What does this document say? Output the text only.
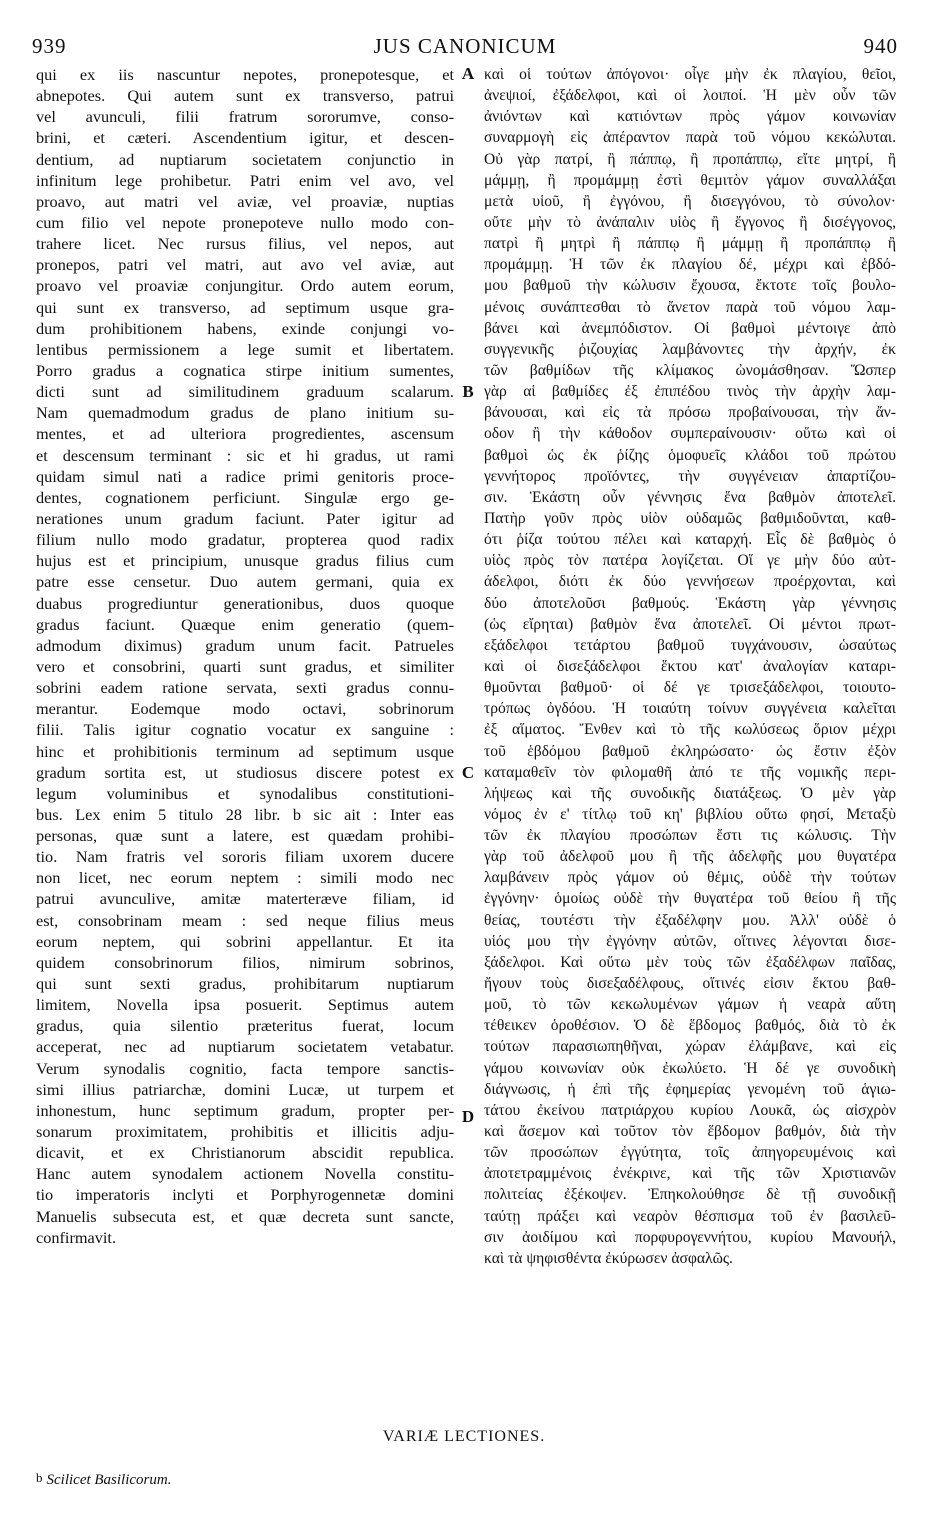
939	JUS CANONICUM	940
qui ex iis nascuntur nepotes, pronepotesque, et
abnepotes. Qui autem sunt ex transverso, patrui
vel avunculi, filii fratrum sororumve, conso-
brini, et cæteri. Ascendentium igitur, et descen-
dentium, ad nuptiarum societatem conjunctio in
infinitum lege prohibetur. Patri enim vel avo, vel
proavo, aut matri vel aviæ, vel proaviæ, nuptias
cum filio vel nepote pronepoteve nullo modo con-
trahere licet. Nec rursus filius, vel nepos, aut
pronepos, patri vel matri, aut avo vel aviæ, aut
proavo vel proaviæ conjungitur. Ordo autem eorum,
qui sunt ex transverso, ad septimum usque gra-
dum prohibitionem habens, exinde conjungi vo-
lentibus permissionem a lege sumit et libertatem.
Porro gradus a cognatica stirpe initium sumentes,
dicti sunt ad similitudinem graduum scalarum.
Nam quemadmodum gradus de plano initium su-
mentes, et ad ulteriora progredientes, ascensum
et descensum terminant : sic et hi gradus, ut rami
quidam simul nati a radice primi genitoris proce-
dentes, cognationem perficiunt. Singulæ ergo ge-
nerationes unum gradum faciunt. Pater igitur ad
filium nullo modo gradatur, propterea quod radix
hujus est et principium, unusque gradus filius cum
patre esse censetur. Duo autem germani, quia ex
duabus progrediuntur generationibus, duos quoque
gradus faciunt. Quæque enim generatio (quem-
admodum diximus) gradum unum facit. Patrueles
vero et consobrini, quarti sunt gradus, et similiter
sobrini eadem ratione servata, sexti gradus connu-
merantur. Eodemque modo octavi, sobrinorum
filii. Talis igitur cognatio vocatur ex sanguine :
hinc et prohibitionis terminum ad septimum usque
gradum sortita est, ut studiosus discere potest ex
legum voluminibus et synodalibus constitutioni-
bus. Lex enim 5 titulo 28 libr. b sic ait : Inter eas
personas, quæ sunt a latere, est quædam prohibi-
tio. Nam fratris vel sororis filiam uxorem ducere
non licet, nec eorum neptem : simili modo nec
patrui avunculive, amitæ materteræve filiam, id
est, consobrinam meam : sed neque filius meus
eorum neptem, qui sobrini appellantur. Et ita
quidem consobrinorum filios, nimirum sobrinos,
qui sunt sexti gradus, prohibitarum nuptiarum
limitem, Novella ipsa posuerit. Septimus autem
gradus, quia silentio præteritus fuerat, locum
acceperat, nec ad nuptiarum societatem vetabatur.
Verum synodalis cognitio, facta tempore sanctis-
simi illius patriarchæ, domini Lucæ, ut turpem et
inhonestum, hunc septimum gradum, propter per-
sonarum proximitatem, prohibitis et illicitis adju-
dicavit, et ex Christianorum abscidit republica.
Hanc autem synodalem actionem Novella constitu-
tio imperatoris inclyti et Porphyrogennetæ domini
Manuelis subsecuta est, et quæ decreta sunt sancte,
confirmavit.
A
B
C
D
καὶ οἱ τούτων ἀπόγονοι· οἷγε μὴν ἐκ πλαγίου, θεῖοι,
ἀνεψιοί, ἐξάδελφοι, καὶ οἱ λοιποί. Ἡ μὲν οὖν τῶν
ἀνιόντων καὶ κατιόντων πρὸς γάμον κοινωνίαν
συναρμογὴ εἰς ἀπέραντον παρὰ τοῦ νόμου κεκώλυται.
Οὐ γὰρ πατρί, ἢ πάππῳ, ἢ προπάππῳ, εἴτε μητρί, ἢ
μάμμῃ, ἢ προμάμμῃ ἐστὶ θεμιτὸν γάμον συναλλάξαι
μετὰ υἱοῦ, ἢ ἐγγόνου, ἢ δισεγγόνου, τὸ σύνολον·
οὔτε μὴν τὸ ἀνάπαλιν υἱὸς ἢ ἔγγονος ἢ δισέγγονος,
πατρὶ ἢ μητρὶ ἢ πάππῳ ἢ μάμμῃ ἢ προπάππῳ ἢ
προμάμμῃ. Ἡ τῶν ἐκ πλαγίου δέ, μέχρι καὶ ἑβδό-
μου βαθμοῦ τὴν κώλυσιν ἔχουσα, ἔκτοτε τοῖς βουλο-
μένοις συνάπτεσθαι τὸ ἄνετον παρὰ τοῦ νόμου λαμ-
βάνει καὶ ἀνεμπόδιστον. Οἱ βαθμοὶ μέντοιγε ἀπὸ
συγγενικῆς ῥιζουχίας λαμβάνοντες τὴν ἀρχήν, ἐκ
τῶν βαθμίδων τῆς κλίμακος ὠνομάσθησαν. Ὥσπερ
γὰρ αἱ βαθμίδες ἐξ ἐπιπέδου τινὸς τὴν ἀρχὴν λαμ-
βάνουσαι, καὶ εἰς τὰ πρόσω προβαίνουσαι, τὴν ἄν-
οδον ἢ τὴν κάθοδον συμπεραίνουσιν· οὕτω καὶ οἱ
βαθμοὶ ὡς ἐκ ῥίζης ὁμοφυεῖς κλάδοι τοῦ πρώτου
γεννήτορος προϊόντες, τὴν συγγένειαν ἀπαρτίζου-
σιν. Ἑκάστη οὖν γέννησις ἕνα βαθμὸν ἀποτελεῖ.
Πατὴρ γοῦν πρὸς υἱὸν οὐδαμῶς βαθμιδοῦνται, καθ-
ότι ῥίζα τούτου πέλει καὶ καταρχή. Εἷς δὲ βαθμὸς ὁ
υἱὸς πρὸς τὸν πατέρα λογίζεται. Οἵ γε μὴν δύο αὐτ-
άδελφοι, διότι ἐκ δύο γεννήσεων προέρχονται, καὶ
δύο ἀποτελοῦσι βαθμούς. Ἑκάστη γὰρ γέννησις
(ὡς εἴρηται) βαθμὸν ἕνα ἀποτελεῖ. Οἱ μέντοι πρωτ-
εξάδελφοι τετάρτου βαθμοῦ τυγχάνουσιν, ὡσαύτως
καὶ οἱ δισεξάδελφοι ἕκτου κατ' ἀναλογίαν καταρι-
θμοῦνται βαθμοῦ· οἱ δέ γε τρισεξάδελφοι, τοιουτο-
τρόπως ὀγδόου. Ἡ τοιαύτη τοίνυν συγγένεια καλεῖται
ἐξ αἵματος. Ἔνθεν καὶ τὸ τῆς κωλύσεως ὅριον μέχρι
τοῦ ἑβδόμου βαθμοῦ ἐκληρώσατο· ὡς ἔστιν ἐξὸν
καταμαθεῖν τὸν φιλομαθῆ ἀπό τε τῆς νομικῆς περι-
λήψεως καὶ τῆς συνοδικῆς διατάξεως. Ὁ μὲν γὰρ
νόμος ἐν ε' τίτλῳ τοῦ κη' βιβλίου οὕτω φησί, Μεταξὺ
τῶν ἐκ πλαγίου προσώπων ἔστι τις κώλυσις. Τὴν
γὰρ τοῦ ἀδελφοῦ μου ἢ τῆς ἀδελφῆς μου θυγατέρα
λαμβάνειν πρὸς γάμον οὐ θέμις, οὐδὲ τὴν τούτων
ἐγγόνην· ὁμοίως οὐδὲ τὴν θυγατέρα τοῦ θείου ἢ τῆς
θείας, τουτέστι τὴν ἐξαδέλφην μου. Ἀλλ' οὐδὲ ὁ
υἱός μου τὴν ἐγγόνην αὐτῶν, οἵτινες λέγονται δισε-
ξάδελφοι. Καὶ οὕτω μὲν τοὺς τῶν ἐξαδέλφων παῖδας,
ἤγουν τοὺς δισεξαδέλφους, οἵτινές εἰσιν ἕκτου βαθ-
μοῦ, τὸ τῶν κεκωλυμένων γάμων ἡ νεαρὰ αὕτη
τέθεικεν ὁροθέσιον. Ὁ δὲ ἕβδομος βαθμός, διὰ τὸ ἐκ
τούτων παρασιωπηθῆναι, χώραν ἐλάμβανε, καὶ εἰς
γάμου κοινωνίαν οὐκ ἐκωλύετο. Ἡ δέ γε συνοδικὴ
διάγνωσις, ἡ ἐπὶ τῆς ἐφημερίας γενομένη τοῦ ἁγιω-
τάτου ἐκείνου πατριάρχου κυρίου Λουκᾶ, ὡς αἰσχρὸν
καὶ ἄσεμον καὶ τοῦτον τὸν ἕβδομον βαθμόν, διὰ τὴν
τῶν προσώπων ἐγγύτητα, τοῖς ἀπηγορευμένοις καὶ
ἀποτετραμμένοις ἐνέκρινε, καὶ τῆς τῶν Χριστιανῶν
πολιτείας ἐξέκοψεν. Ἐπηκολούθησε δὲ τῇ συνοδικῇ
ταύτῃ πράξει καὶ νεαρὸν θέσπισμα τοῦ ἐν βασιλεῦ-
σιν ἀοιδίμου καὶ πορφυρογεννήτου, κυρίου Μανουήλ,
καὶ τὰ ψηφισθέντα ἐκύρωσεν ἀσφαλῶς.
VARIÆ LECTIONES.
b Scilicet Basilicorum.
